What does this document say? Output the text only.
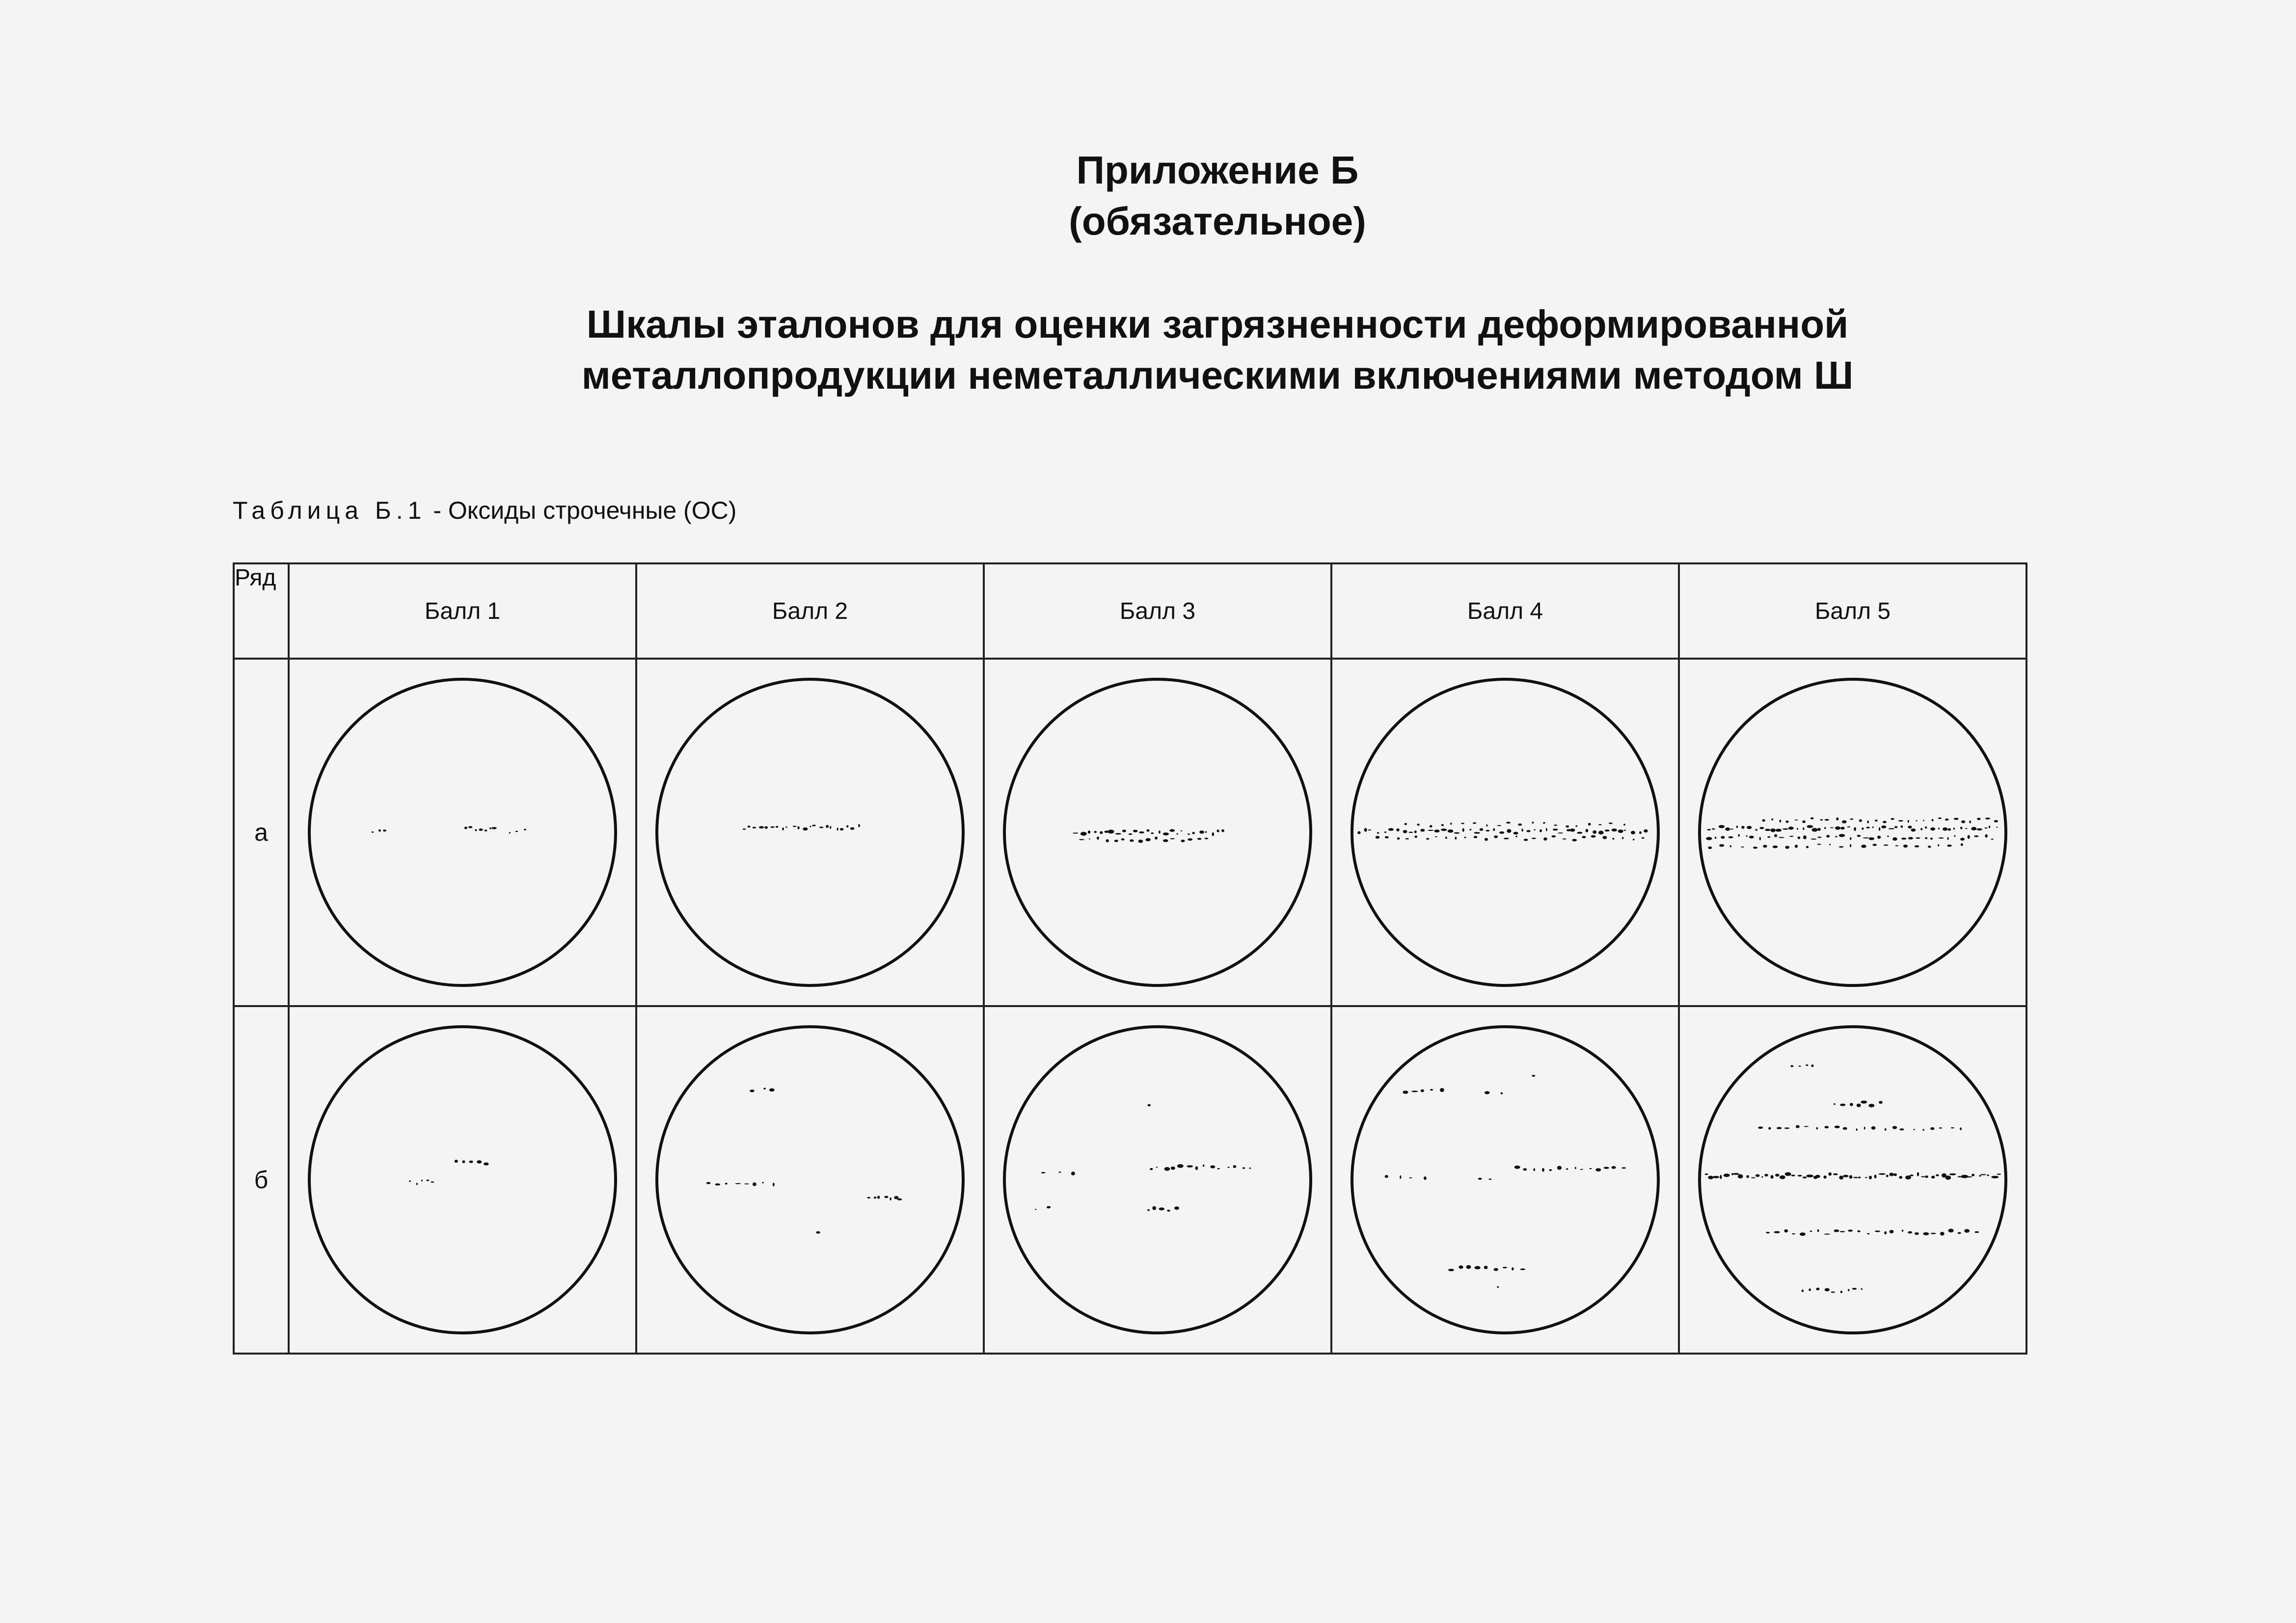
Приложение Б
(обязательное)
Шкалы эталонов для оценки загрязненности деформированной
металлопродукции неметаллическими включениями методом Ш
Таблица Б.1 - Оксиды строчечные (ОС)
Ряд	Балл 1	Балл 2	Балл 3	Балл 4	Балл 5
а	

б	
